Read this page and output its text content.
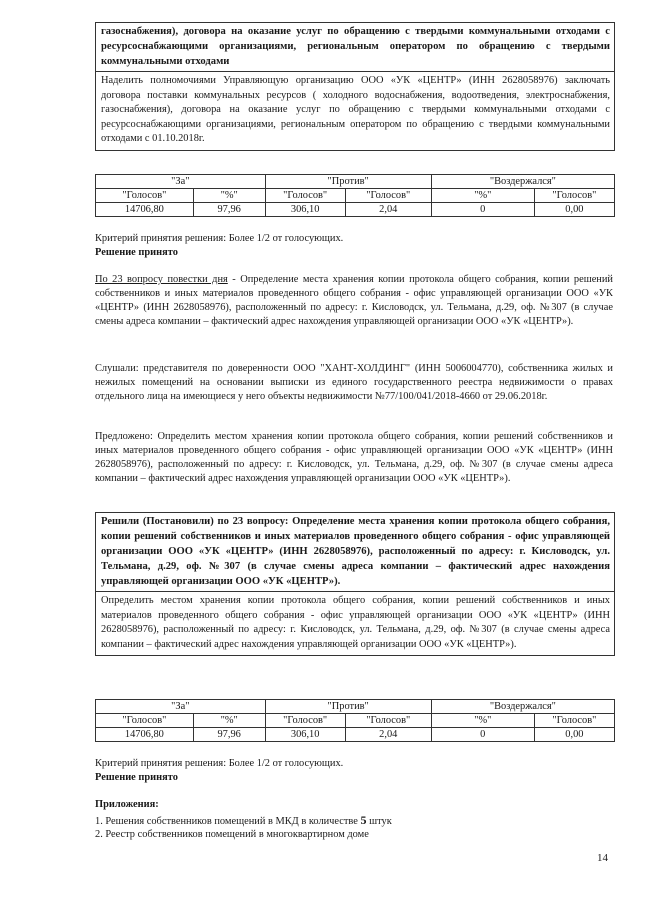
газоснабжения), договора на оказание услуг по обращению с твердыми коммунальными отходами с ресурсоснабжающими организациями, региональным оператором по обращению с твердыми коммунальными отходами
Наделить полномочиями Управляющую организацию ООО «УК «ЦЕНТР» (ИНН 2628058976) заключать договора поставки коммунальных ресурсов ( холодного водоснабжения, водоотведения, электроснабжения, газоснабжения), договора на оказание услуг по обращению с твердыми коммунальными отходами с ресурсоснабжающими организациями, региональным оператором по обращению с твердыми коммунальными отходами с 01.10.2018г.
"За"		"Против"		"Воздержался"	
"Голосов"	"%"	"Голосов"	"Голосов"	"%"	"Голосов"
14706,80	97,96	306,10	2,04	0	0,00
Критерий принятия решения: Более 1/2 от голосующих.
Решение принято
По 23 вопросу повестки дня - Определение места хранения копии протокола общего собрания, копии решений собственников и иных материалов проведенного общего собрания - офис управляющей организации ООО «УК «ЦЕНТР» (ИНН 2628058976), расположенный по адресу: г. Кисловодск, ул. Тельмана, д.29, оф. №307 (в случае смены адреса компании – фактический адрес нахождения управляющей организации ООО «УК «ЦЕНТР»).
Слушали: представителя по доверенности ООО "ХАНТ-ХОЛДИНГ" (ИНН 5006004770), собственника жилых и нежилых помещений на основании выписки из единого государственного реестра недвижимости о правах отдельного лица на имеющиеся у него объекты недвижимости №77/100/041/2018-4660 от 29.06.2018г.
Предложено: Определить местом хранения копии протокола общего собрания, копии решений собственников и иных материалов проведенного общего собрания - офис управляющей организации ООО «УК «ЦЕНТР» (ИНН 2628058976), расположенный по адресу: г. Кисловодск, ул. Тельмана, д.29, оф. №307 (в случае смены адреса компании – фактический адрес нахождения управляющей организации ООО «УК «ЦЕНТР»).
Решили (Постановили) по 23 вопросу: Определение места хранения копии протокола общего собрания, копии решений собственников и иных материалов проведенного общего собрания - офис управляющей организации ООО «УК «ЦЕНТР» (ИНН 2628058976), расположенный по адресу: г. Кисловодск, ул. Тельмана, д.29, оф. №307 (в случае смены адреса компании – фактический адрес нахождения управляющей организации ООО «УК «ЦЕНТР»).
Определить местом хранения копии протокола общего собрания, копии решений собственников и иных материалов проведенного общего собрания - офис управляющей организации ООО «УК «ЦЕНТР» (ИНН 2628058976), расположенный по адресу: г. Кисловодск, ул. Тельмана, д.29, оф. №307 (в случае смены адреса компании – фактический адрес нахождения управляющей организации ООО «УК «ЦЕНТР»).
"За"		"Против"		"Воздержался"	
"Голосов"	"%"	"Голосов"	"Голосов"	"%"	"Голосов"
14706,80	97,96	306,10	2,04	0	0,00
Критерий принятия решения: Более 1/2 от голосующих.
Решение принято
Приложения:
1. Решения собственников помещений в МКД в количестве 5 штук
2. Реестр собственников помещений в многоквартирном доме
14
